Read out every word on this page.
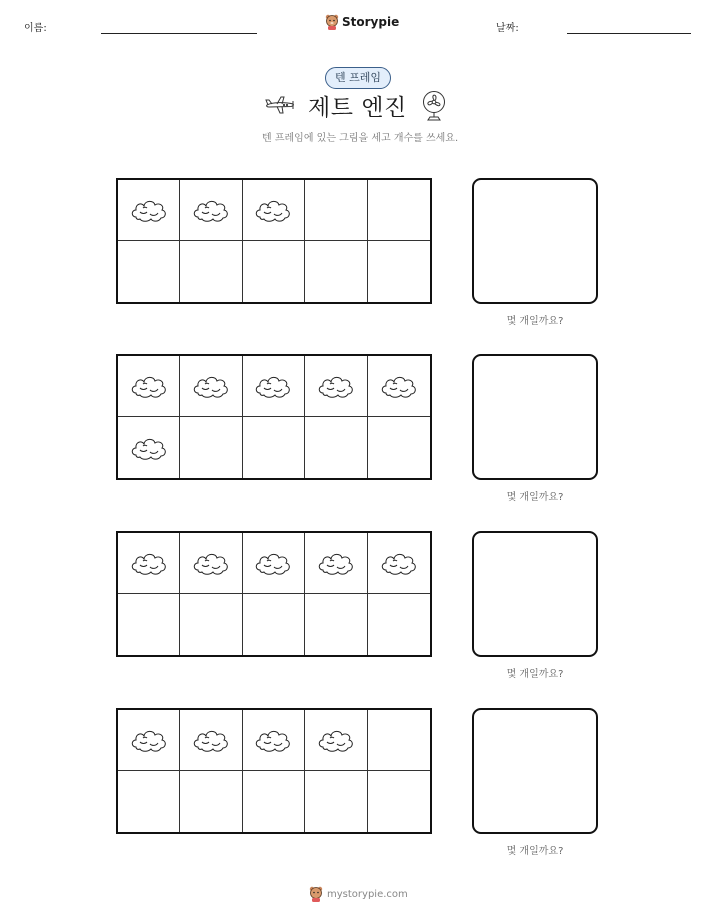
이름:	Storypie	날짜:
텐 프레임
제트 엔진
텐 프레임에 있는 그림을 세고 개수를 쓰세요.
몇 개일까요?
몇 개일까요?
몇 개일까요?
몇 개일까요?
mystorypie.com
